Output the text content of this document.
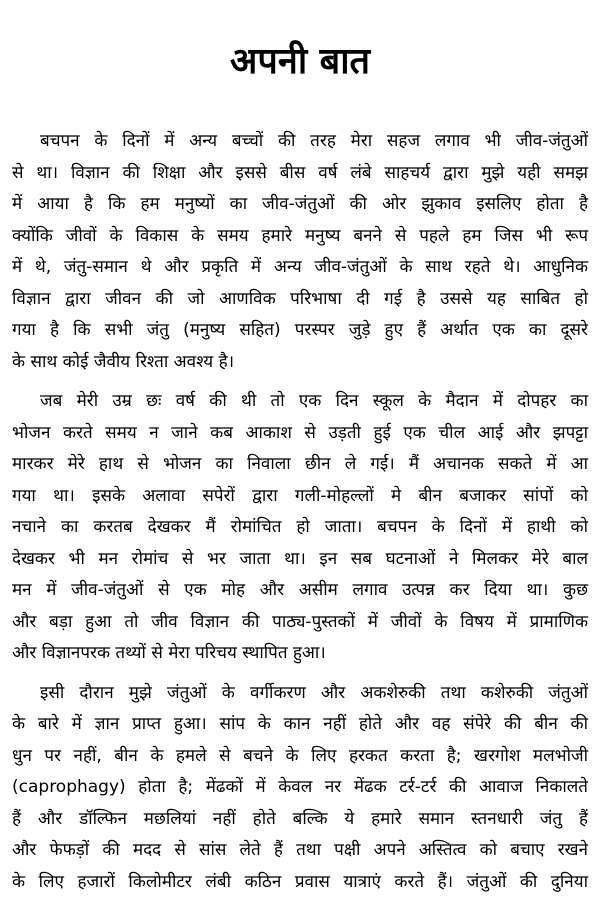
अपनी बात

बचपन के दिनों में अन्य बच्चों की तरह मेरा सहज लगाव भी जीव-जंतुओं
से था। विज्ञान की शिक्षा और इससे बीस वर्ष लंबे साहचर्य द्वारा मुझे यही समझ
में आया है कि हम मनुष्यों का जीव-जंतुओं की ओर झुकाव इसलिए होता है
क्योंकि जीवों के विकास के समय हमारे मनुष्य बनने से पहले हम जिस भी रूप
में थे, जंतु-समान थे और प्रकृति में अन्य जीव-जंतुओं के साथ रहते थे। आधुनिक
विज्ञान द्वारा जीवन की जो आणविक परिभाषा दी गई है उससे यह साबित हो
गया है कि सभी जंतु (मनुष्य सहित) परस्पर जुड़े हुए हैं अर्थात एक का दूसरे
के साथ कोई जैवीय रिश्ता अवश्य है।

जब मेरी उम्र छः वर्ष की थी तो एक दिन स्कूल के मैदान में दोपहर का
भोजन करते समय न जाने कब आकाश से उड़ती हुई एक चील आई और झपट्टा
मारकर मेरे हाथ से भोजन का निवाला छीन ले गई। मैं अचानक सकते में आ
गया था। इसके अलावा सपेरों द्वारा गली-मोहल्लों मे बीन बजाकर सांपों को
नचाने का करतब देखकर मैं रोमांचित हो जाता। बचपन के दिनों में हाथी को
देखकर भी मन रोमांच से भर जाता था। इन सब घटनाओं ने मिलकर मेरे बाल
मन में जीव-जंतुओं से एक मोह और असीम लगाव उत्पन्न कर दिया था। कुछ
और बड़ा हुआ तो जीव विज्ञान की पाठ्य-पुस्तकों में जीवों के विषय में प्रामाणिक
और विज्ञानपरक तथ्यों से मेरा परिचय स्थापित हुआ।

इसी दौरान मुझे जंतुओं के वर्गीकरण और अकशेरुकी तथा कशेरुकी जंतुओं
के बारे में ज्ञान प्राप्त हुआ। सांप के कान नहीं होते और वह संपेरे की बीन की
धुन पर नहीं, बीन के हमले से बचने के लिए हरकत करता है; खरगोश मलभोजी
(caprophagy) होता है; मेंढकों में केवल नर मेंढक टर्र-टर्र की आवाज निकालते
हैं और डॉल्फिन मछलियां नहीं होते बल्कि ये हमारे समान स्तनधारी जंतु हैं
और फेफड़ों की मदद से सांस लेते हैं तथा पक्षी अपने अस्तित्व को बचाए रखने
के लिए हजारों किलोमीटर लंबी कठिन प्रवास यात्राएं करते हैं। जंतुओं की दुनिया
